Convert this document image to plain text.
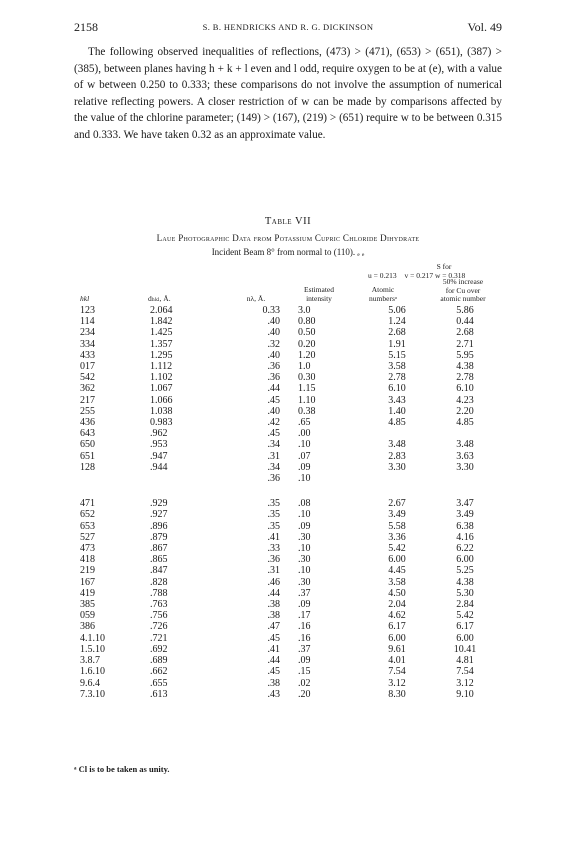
2158	S. B. HENDRICKS AND R. G. DICKINSON	Vol. 49
The following observed inequalities of reflections, (473) > (471), (653) > (651), (387) > (385), between planes having h + k + l even and l odd, require oxygen to be at (e), with a value of w between 0.250 to 0.333; these comparisons do not involve the assumption of numerical relative reflecting powers. A closer restriction of w can be made by comparisons affected by the value of the chlorine parameter; (149) > (167), (219) > (651) require w to be between 0.315 and 0.333. We have taken 0.32 as an approximate value.
Table VII
Laue Photographic Data from Potassium Cupric Chloride Dihydrate
Incident Beam 8° from normal to (110). ₑ ₑ
S for
u = 0.213 v = 0.217 w = 0.318
hkl	dₕₖₗ, Å.	nλ, Å.
Estimated
intensity
Atomic
numbersᵃ
50% increase
for Cu over
atomic number
123	2.064	0.33	3.0	5.06	5.86
114	1.842	.40	0.80	1.24	0.44
234	1.425	.40	0.50	2.68	2.68
334	1.357	.32	0.20	1.91	2.71
433	1.295	.40	1.20	5.15	5.95
017	1.112	.36	1.0	3.58	4.38
542	1.102	.36	0.30	2.78	2.78
362	1.067	.44	1.15	6.10	6.10
217	1.066	.45	1.10	3.43	4.23
255	1.038	.40	0.38	1.40	2.20
436	0.983	.42	.65	4.85	4.85
643	.962	.45	.00		
650	.953	.34	.10	3.48	3.48
651	.947	.31	.07	2.83	3.63
128	.944	.34	.09	3.30	3.30
		.36	.10		

471	.929	.35	.08	2.67	3.47
652	.927	.35	.10	3.49	3.49
653	.896	.35	.09	5.58	6.38
527	.879	.41	.30	3.36	4.16
473	.867	.33	.10	5.42	6.22
418	.865	.36	.30	6.00	6.00
219	.847	.31	.10	4.45	5.25
167	.828	.46	.30	3.58	4.38
419	.788	.44	.37	4.50	5.30
385	.763	.38	.09	2.04	2.84
059	.756	.38	.17	4.62	5.42
386	.726	.47	.16	6.17	6.17
4.1.10	.721	.45	.16	6.00	6.00
1.5.10	.692	.41	.37	9.61	10.41
3.8.7	.689	.44	.09	4.01	4.81
1.6.10	.662	.45	.15	7.54	7.54
9.6.4	.655	.38	.02	3.12	3.12
7.3.10	.613	.43	.20	8.30	9.10
ᵃ Cl is to be taken as unity.
